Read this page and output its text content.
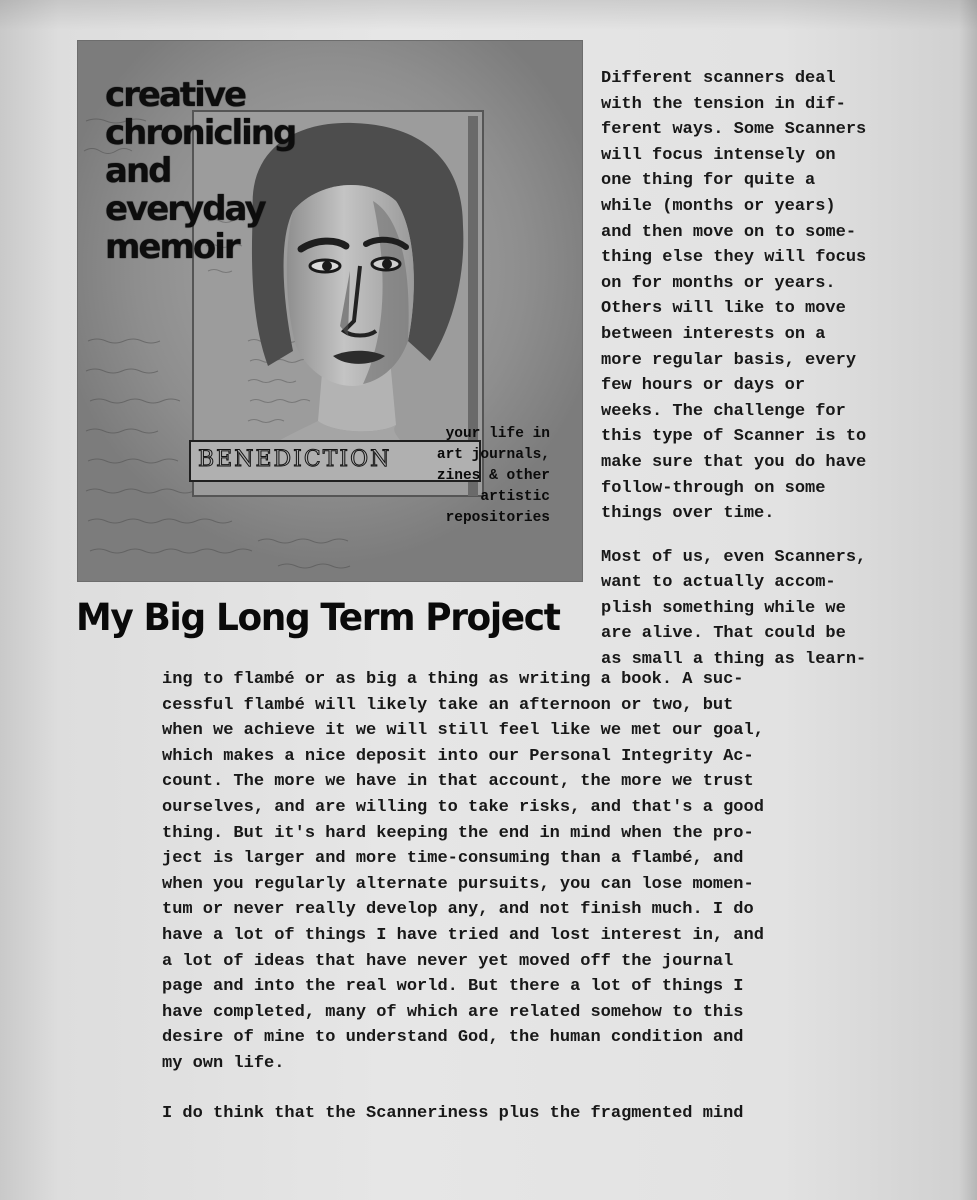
BENEDICTION
creative
chronicling
and
everyday
memoir
your life in
art journals,
zines & other
artistic
repositories
My Big Long Term Project
Different scanners deal
with the tension in dif-
ferent ways. Some Scanners
will focus intensely on
one thing for quite a
while (months or years)
and then move on to some-
thing else they will focus
on for months or years.
Others will like to move
between interests on a
more regular basis, every
few hours or days or
weeks. The challenge for
this type of Scanner is to
make sure that you do have
follow-through on some
things over time.
Most of us, even Scanners,
want to actually accom-
plish something while we
are alive. That could be
as small a thing as learn-
ing to flambé or as big a thing as writing a book. A suc-
cessful flambé will likely take an afternoon or two, but
when we achieve it we will still feel like we met our goal,
which makes a nice deposit into our Personal Integrity Ac-
count. The more we have in that account, the more we trust
ourselves, and are willing to take risks, and that's a good
thing. But it's hard keeping the end in mind when the pro-
ject is larger and more time-consuming than a flambé, and
when you regularly alternate pursuits, you can lose momen-
tum or never really develop any, and not finish much. I do
have a lot of things I have tried and lost interest in, and
a lot of ideas that have never yet moved off the journal
page and into the real world. But there a lot of things I
have completed, many of which are related somehow to this
desire of mine to understand God, the human condition and
my own life.
I do think that the Scanneriness plus the fragmented mind
